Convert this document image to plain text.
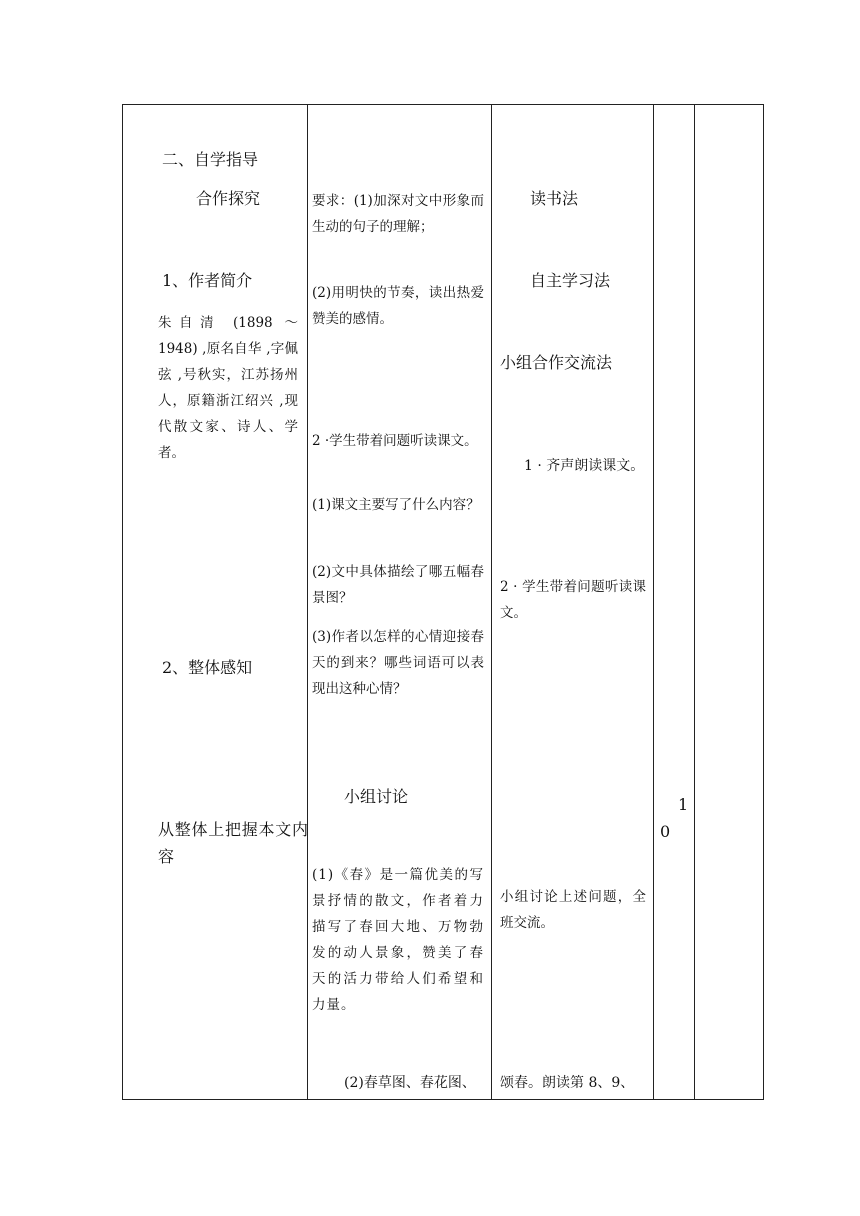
二、自学指导
合作探究
1、作者简介
朱自清 (1898 ～ 1948) ,原名自华 ,字佩弦 ,号秋实，江苏扬州人，原籍浙江绍兴 ,现代散文家、诗人、学者。
2、整体感知
从整体上把握本文内容
要求：(1)加深对文中形象而生动的句子的理解；
(2)用明快的节奏，读出热爱赞美的感情。
2 ·学生带着问题听读课文。
(1)课文主要写了什么内容？
(2)文中具体描绘了哪五幅春景图？
(3)作者以怎样的心情迎接春天的到来？哪些词语可以表现出这种心情？
小组讨论
(1)《春》是一篇优美的写景抒情的散文，作者着力描写了春回大地、万物勃发的动人景象，赞美了春天的活力带给人们希望和力量。
(2)春草图、春花图、
读书法
自主学习法
小组合作交流法
1 · 齐声朗读课文。
2 · 学生带着问题听读课文。
小组讨论上述问题，全班交流。
颂春。朗读第 8、9、
1
0
